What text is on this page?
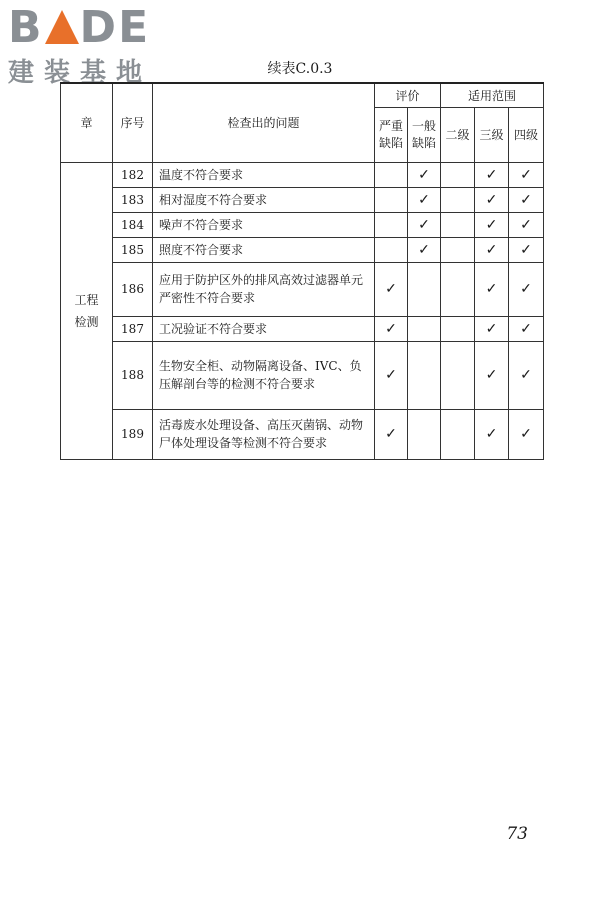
B DE
建装基地	续表C.0.3
章	序号	检查出的问题	评价		适用范围		
			严重缺陷	一般缺陷	二级	三级	四级
工程检测	182	温度不符合要求		✓		✓	✓
	183	相对湿度不符合要求		✓		✓	✓
	184	噪声不符合要求		✓		✓	✓
	185	照度不符合要求		✓		✓	✓
	186	应用于防护区外的排风高效过滤器单元严密性不符合要求	✓			✓	✓
	187	工况验证不符合要求	✓			✓	✓
	188	生物安全柜、动物隔离设备、IVC、负压解剖台等的检测不符合要求	✓			✓	✓
	189	活毒废水处理设备、高压灭菌锅、动物尸体处理设备等检测不符合要求	✓			✓	✓
73
